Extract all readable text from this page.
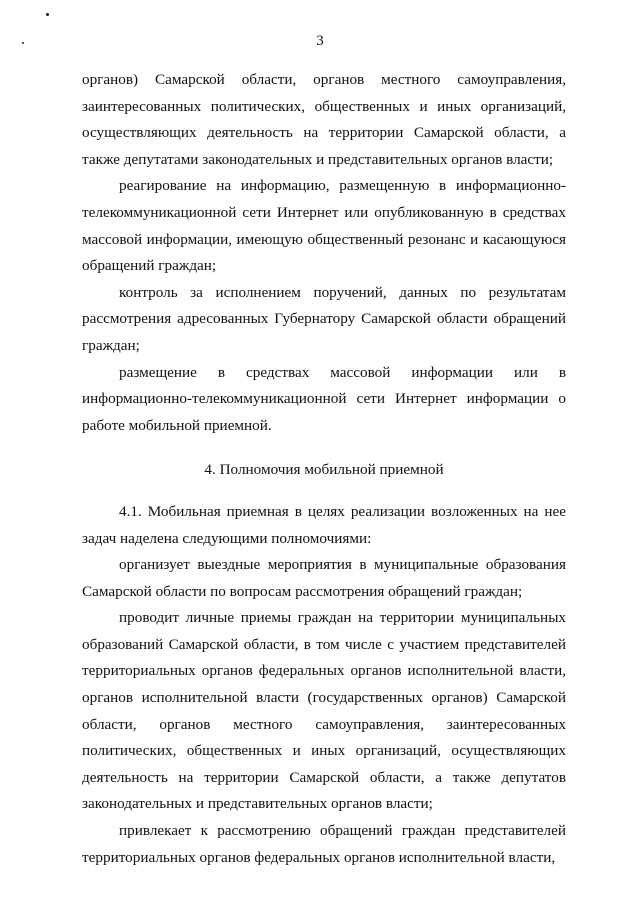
3

органов) Самарской области, органов местного самоуправления, заинтересованных политических, общественных и иных организаций, осуществляющих деятельность на территории Самарской области, а также депутатами законодательных и представительных органов власти;

реагирование на информацию, размещенную в информационно-телекоммуникационной сети Интернет или опубликованную в средствах массовой информации, имеющую общественный резонанс и касающуюся обращений граждан;

контроль за исполнением поручений, данных по результатам рассмотрения адресованных Губернатору Самарской области обращений граждан;

размещение в средствах массовой информации или в информационно-телекоммуникационной сети Интернет информации о работе мобильной приемной.

4. Полномочия мобильной приемной

4.1. Мобильная приемная в целях реализации возложенных на нее задач наделена следующими полномочиями:

организует выездные мероприятия в муниципальные образования Самарской области по вопросам рассмотрения обращений граждан;

проводит личные приемы граждан на территории муниципальных образований Самарской области, в том числе с участием представителей территориальных органов федеральных органов исполнительной власти, органов исполнительной власти (государственных органов) Самарской области, органов местного самоуправления, заинтересованных политических, общественных и иных организаций, осуществляющих деятельность на территории Самарской области, а также депутатов законодательных и представительных органов власти;

привлекает к рассмотрению обращений граждан представителей территориальных органов федеральных органов исполнительной власти,
